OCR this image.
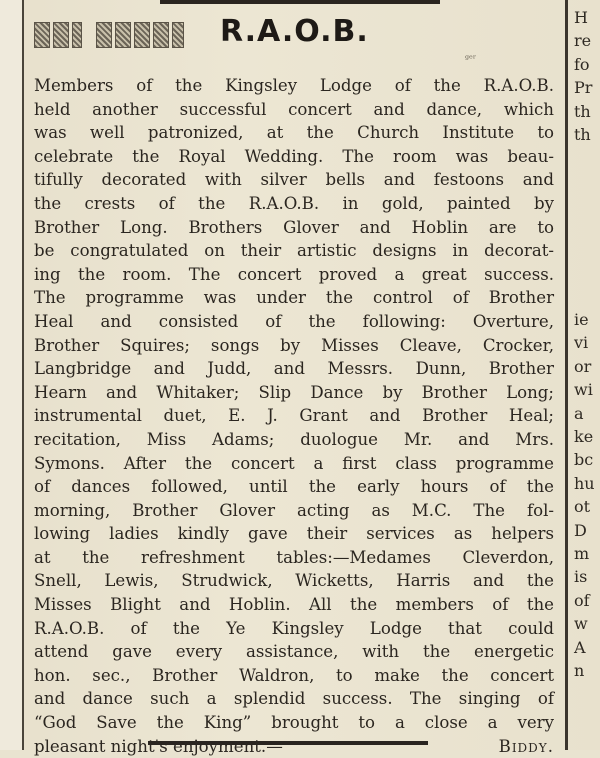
R.A.O.B.
ᵍᵉʳ
Members of the Kingsley Lodge of the R.A.O.B.
held another successful concert and dance, which
was well patronized, at the Church Institute to
celebrate the Royal Wedding. The room was beau-
tifully decorated with silver bells and festoons and
the crests of the R.A.O.B. in gold, painted by
Brother Long. Brothers Glover and Hoblin are to
be congratulated on their artistic designs in decorat-
ing the room. The concert proved a great success.
The programme was under the control of Brother
Heal and consisted of the following: Overture,
Brother Squires; songs by Misses Cleave, Crocker,
Langbridge and Judd, and Messrs. Dunn, Brother
Hearn and Whitaker; Slip Dance by Brother Long;
instrumental duet, E. J. Grant and Brother Heal;
recitation, Miss Adams; duologue Mr. and Mrs.
Symons. After the concert a first class programme
of dances followed, until the early hours of the
morning, Brother Glover acting as M.C. The fol-
lowing ladies kindly gave their services as helpers
at the refreshment tables:—Medames Cleverdon,
Snell, Lewis, Strudwick, Wicketts, Harris and the
Misses Blight and Hoblin. All the members of the
R.A.O.B. of the Ye Kingsley Lodge that could
attend gave every assistance, with the energetic
hon. sec., Brother Waldron, to make the concert
and dance such a splendid success. The singing of
“God Save the King” brought to a close a very
pleasant night's enjoyment.—	Biddy.
H
re
fo
Pr
th
th
ie
vi
or
wi
a
ke
bc
hu
ot
D
m
is
of
w
A
n
